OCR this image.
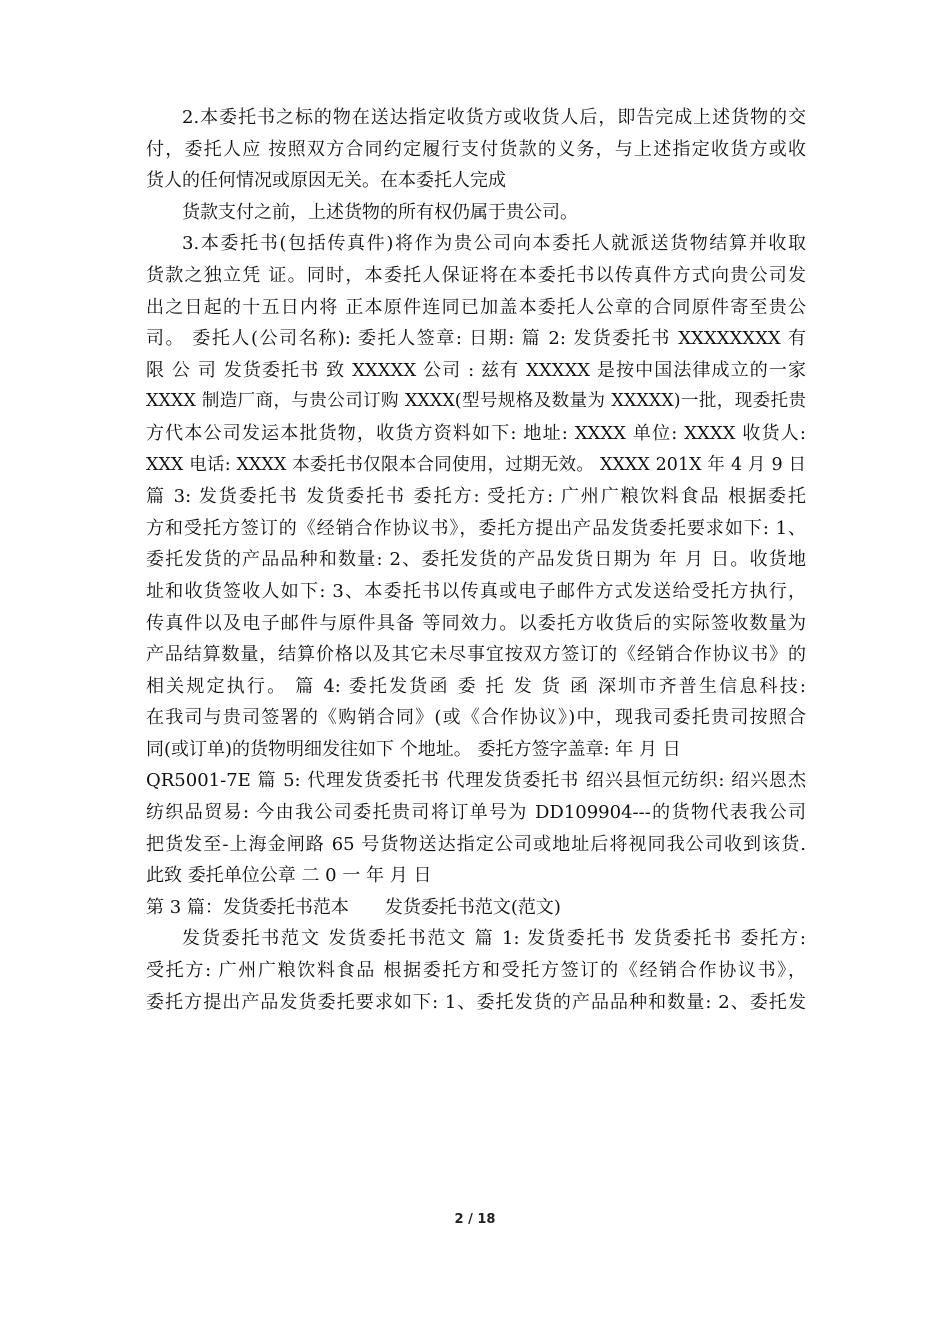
2.本委托书之标的物在送达指定收货方或收货人后，即告完成上述货物的交
付，委托人应 按照双方合同约定履行支付货款的义务，与上述指定收货方或收
货人的任何情况或原因无关。在本委托人完成
货款支付之前，上述货物的所有权仍属于贵公司。
3.本委托书(包括传真件)将作为贵公司向本委托人就派送货物结算并收取
货款之独立凭 证。同时，本委托人保证将在本委托书以传真件方式向贵公司发
出之日起的十五日内将 正本原件连同已加盖本委托人公章的合同原件寄至贵公
司。 委托人(公司名称): 委托人签章: 日期: 篇 2: 发货委托书 XXXXXXXX 有
限 公 司 发货委托书 致 XXXXX 公司 : 兹有 XXXXX 是按中国法律成立的一家
XXXX 制造厂商，与贵公司订购 XXXX(型号规格及数量为 XXXXX)一批，现委托贵
方代本公司发运本批货物，收货方资料如下: 地址: XXXX 单位: XXXX 收货人:
XXX 电话: XXXX 本委托书仅限本合同使用，过期无效。 XXXX 201X 年 4 月 9 日
篇 3: 发货委托书 发货委托书 委托方: 受托方: 广州广粮饮料食品 根据委托
方和受托方签订的《经销合作协议书》，委托方提出产品发货委托要求如下: 1、
委托发货的产品品种和数量: 2、委托发货的产品发货日期为 年 月 日。收货地
址和收货签收人如下: 3、本委托书以传真或电子邮件方式发送给受托方执行，
传真件以及电子邮件与原件具备 等同效力。以委托方收货后的实际签收数量为
产品结算数量，结算价格以及其它未尽事宜按双方签订的《经销合作协议书》的
相关规定执行。 篇 4: 委托发货函 委 托 发 货 函 深圳市齐普生信息科技:
在我司与贵司签署的《购销合同》(或《合作协议》)中，现我司委托贵司按照合
同(或订单)的货物明细发往如下 个地址。 委托方签字盖章: 年 月 日
QR5001-7E 篇 5: 代理发货委托书 代理发货委托书 绍兴县恒元纺织: 绍兴恩杰
纺织品贸易: 今由我公司委托贵司将订单号为 DD109904---的货物代表我公司
把货发至-上海金闸路 65 号货物送达指定公司或地址后将视同我公司收到该货.
此致 委托单位公章 二 0 一 年 月 日
第 3 篇：发货委托书范本　　发货委托书范文(范文)
发货委托书范文 发货委托书范文 篇 1: 发货委托书 发货委托书 委托方:
受托方: 广州广粮饮料食品 根据委托方和受托方签订的《经销合作协议书》，
委托方提出产品发货委托要求如下: 1、委托发货的产品品种和数量: 2、委托发
2 / 18
